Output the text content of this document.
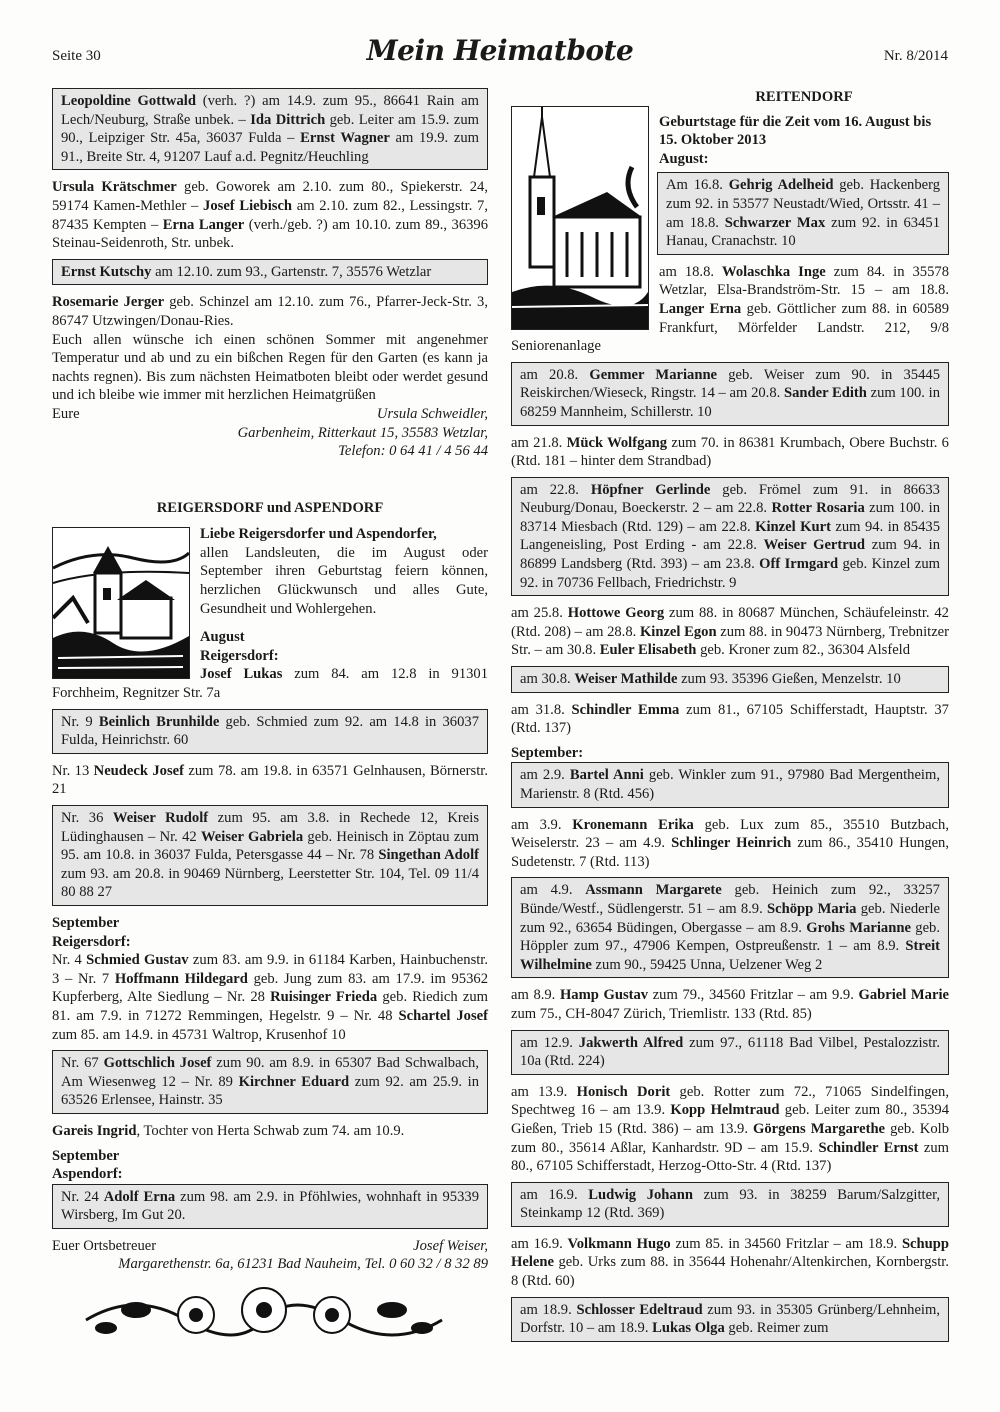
Seite 30	Mein Heimatbote	Nr. 8/2014
Leopoldine Gottwald (verh. ?) am 14.9. zum 95., 86641 Rain am Lech/Neuburg, Straße unbek. – Ida Dittrich geb. Leiter am 15.9. zum 90., Leipziger Str. 45a, 36037 Fulda – Ernst Wagner am 19.9. zum 91., Breite Str. 4, 91207 Lauf a.d. Pegnitz/Heuchling

Ursula Krätschmer geb. Goworek am 2.10. zum 80., Spiekerstr. 24, 59174 Kamen-Methler – Josef Liebisch am 2.10. zum 82., Lessingstr. 7, 87435 Kempten – Erna Langer (verh./geb. ?) am 10.10. zum 89., 36396 Steinau-Seidenroth, Str. unbek.

Ernst Kutschy am 12.10. zum 93., Gartenstr. 7, 35576 Wetzlar

Rosemarie Jerger geb. Schinzel am 12.10. zum 76., Pfarrer-Jeck-Str. 3, 86747 Utzwingen/Donau-Ries.

Euch allen wünsche ich einen schönen Sommer mit angenehmer Temperatur und ab und zu ein bißchen Regen für den Garten (es kann ja nachts regnen). Bis zum nächsten Heimatboten bleibt oder werdet gesund und ich bleibe wie immer mit herzlichen Heimatgrüßen

Eure	Ursula Schweidler,

Garbenheim, Ritterkaut 15, 35583 Wetzlar,

Telefon: 0 64 41 / 4 56 44

REIGERSDORF und ASPENDORF

Liebe Reigersdorfer und Aspendorfer,

allen Landsleuten, die im August oder September ihren Geburtstag feiern können, herzlichen Glückwunsch und alles Gute, Gesundheit und Wohlergehen.

August

Reigersdorf:

Josef Lukas zum 84. am 12.8 in 91301 Forchheim, Regnitzer Str. 7a

Nr. 9 Beinlich Brunhilde geb. Schmied zum 92. am 14.8 in 36037 Fulda, Heinrichstr. 60

Nr. 13 Neudeck Josef zum 78. am 19.8. in 63571 Gelnhausen, Börnerstr. 21

Nr. 36 Weiser Rudolf zum 95. am 3.8. in Rechede 12, Kreis Lüdinghausen – Nr. 42 Weiser Gabriela geb. Heinisch in Zöptau zum 95. am 10.8. in 36037 Fulda, Petersgasse 44 – Nr. 78 Singethan Adolf zum 93. am 20.8. in 90469 Nürnberg, Leerstetter Str. 104, Tel. 09 11/4 80 88 27

September

Reigersdorf:

Nr. 4 Schmied Gustav zum 83. am 9.9. in 61184 Karben, Hainbuchenstr. 3 – Nr. 7 Hoffmann Hildegard geb. Jung zum 83. am 17.9. im 95362 Kupferberg, Alte Siedlung – Nr. 28 Ruisinger Frieda geb. Riedich zum 81. am 7.9. in 71272 Remmingen, Hegelstr. 9 – Nr. 48 Schartel Josef zum 85. am 14.9. in 45731 Waltrop, Krusenhof 10

Nr. 67 Gottschlich Josef zum 90. am 8.9. in 65307 Bad Schwalbach, Am Wiesenweg 12 – Nr. 89 Kirchner Eduard zum 92. am 25.9. in 63526 Erlensee, Hainstr. 35

Gareis Ingrid, Tochter von Herta Schwab zum 74. am 10.9.

September

Aspendorf:

Nr. 24 Adolf Erna zum 98. am 2.9. in Pföhlwies, wohnhaft in 95339 Wirsberg, Im Gut 20.
Euer Ortsbetreuer	Josef Weiser,

Margarethenstr. 6a, 61231 Bad Nauheim, Tel. 0 60 32 / 8 32 89

REITENDORF

Geburtstage für die Zeit vom 16. August bis 15. Oktober 2013

August:

Am 16.8. Gehrig Adelheid geb. Hackenberg zum 92. in 53577 Neustadt/Wied, Ortsstr. 41 – am 18.8. Schwarzer Max zum 92. in 63451 Hanau, Cranachstr. 10

am 18.8. Wolaschka Inge zum 84. in 35578 Wetzlar, Elsa-Brandström-Str. 15 – am 18.8. Langer Erna geb. Göttlicher zum 88. in 60589 Frankfurt, Mörfelder Landstr. 212, 9/8 Seniorenanlage

am 20.8. Gemmer Marianne geb. Weiser zum 90. in 35445 Reiskirchen/Wieseck, Ringstr. 14 – am 20.8. Sander Edith zum 100. in 68259 Mannheim, Schillerstr. 10

am 21.8. Mück Wolfgang zum 70. in 86381 Krumbach, Obere Buchstr. 6 (Rtd. 181 – hinter dem Strandbad)

am 22.8. Höpfner Gerlinde geb. Frömel zum 91. in 86633 Neuburg/Donau, Boeckerstr. 2 – am 22.8. Rotter Rosaria zum 100. in 83714 Miesbach (Rtd. 129) – am 22.8. Kinzel Kurt zum 94. in 85435 Langeneisling, Post Erding - am 22.8. Weiser Gertrud zum 94. in 86899 Landsberg (Rtd. 393) – am 23.8. Off Irmgard geb. Kinzel zum 92. in 70736 Fellbach, Friedrichstr. 9

am 25.8. Hottowe Georg zum 88. in 80687 München, Schäufeleinstr. 42 (Rtd. 208) – am 28.8. Kinzel Egon zum 88. in 90473 Nürnberg, Trebnitzer Str. – am 30.8. Euler Elisabeth geb. Kroner zum 82., 36304 Alsfeld

am 30.8. Weiser Mathilde zum 93. 35396 Gießen, Menzelstr. 10

am 31.8. Schindler Emma zum 81., 67105 Schifferstadt, Hauptstr. 37 (Rtd. 137)

September:

am 2.9. Bartel Anni geb. Winkler zum 91., 97980 Bad Mergentheim, Marienstr. 8 (Rtd. 456)

am 3.9. Kronemann Erika geb. Lux zum 85., 35510 Butzbach, Weiselerstr. 23 – am 4.9. Schlinger Heinrich zum 86., 35410 Hungen, Sudetenstr. 7 (Rtd. 113)

am 4.9. Assmann Margarete geb. Heinich zum 92., 33257 Bünde/Westf., Südlengerstr. 51 – am 8.9. Schöpp Maria geb. Niederle zum 92., 63654 Büdingen, Obergasse – am 8.9. Grohs Marianne geb. Höppler zum 97., 47906 Kempen, Ostpreußenstr. 1 – am 8.9. Streit Wilhelmine zum 90., 59425 Unna, Uelzener Weg 2

am 8.9. Hamp Gustav zum 79., 34560 Fritzlar – am 9.9. Gabriel Marie zum 75., CH-8047 Zürich, Triemlistr. 133 (Rtd. 85)

am 12.9. Jakwerth Alfred zum 97., 61118 Bad Vilbel, Pestalozzistr. 10a (Rtd. 224)

am 13.9. Honisch Dorit geb. Rotter zum 72., 71065 Sindelfingen, Spechtweg 16 – am 13.9. Kopp Helmtraud geb. Leiter zum 80., 35394 Gießen, Trieb 15 (Rtd. 386) – am 13.9. Görgens Margarethe geb. Kolb zum 80., 35614 Aßlar, Kanhardstr. 9D – am 15.9. Schindler Ernst zum 80., 67105 Schifferstadt, Herzog-Otto-Str. 4 (Rtd. 137)

am 16.9. Ludwig Johann zum 93. in 38259 Barum/Salzgitter, Steinkamp 12 (Rtd. 369)

am 16.9. Volkmann Hugo zum 85. in 34560 Fritzlar – am 18.9. Schupp Helene geb. Urks zum 88. in 35644 Hohenahr/Altenkirchen, Kornbergstr. 8 (Rtd. 60)

am 18.9. Schlosser Edeltraud zum 93. in 35305 Grünberg/Lehnheim, Dorfstr. 10 – am 18.9. Lukas Olga geb. Reimer zum
